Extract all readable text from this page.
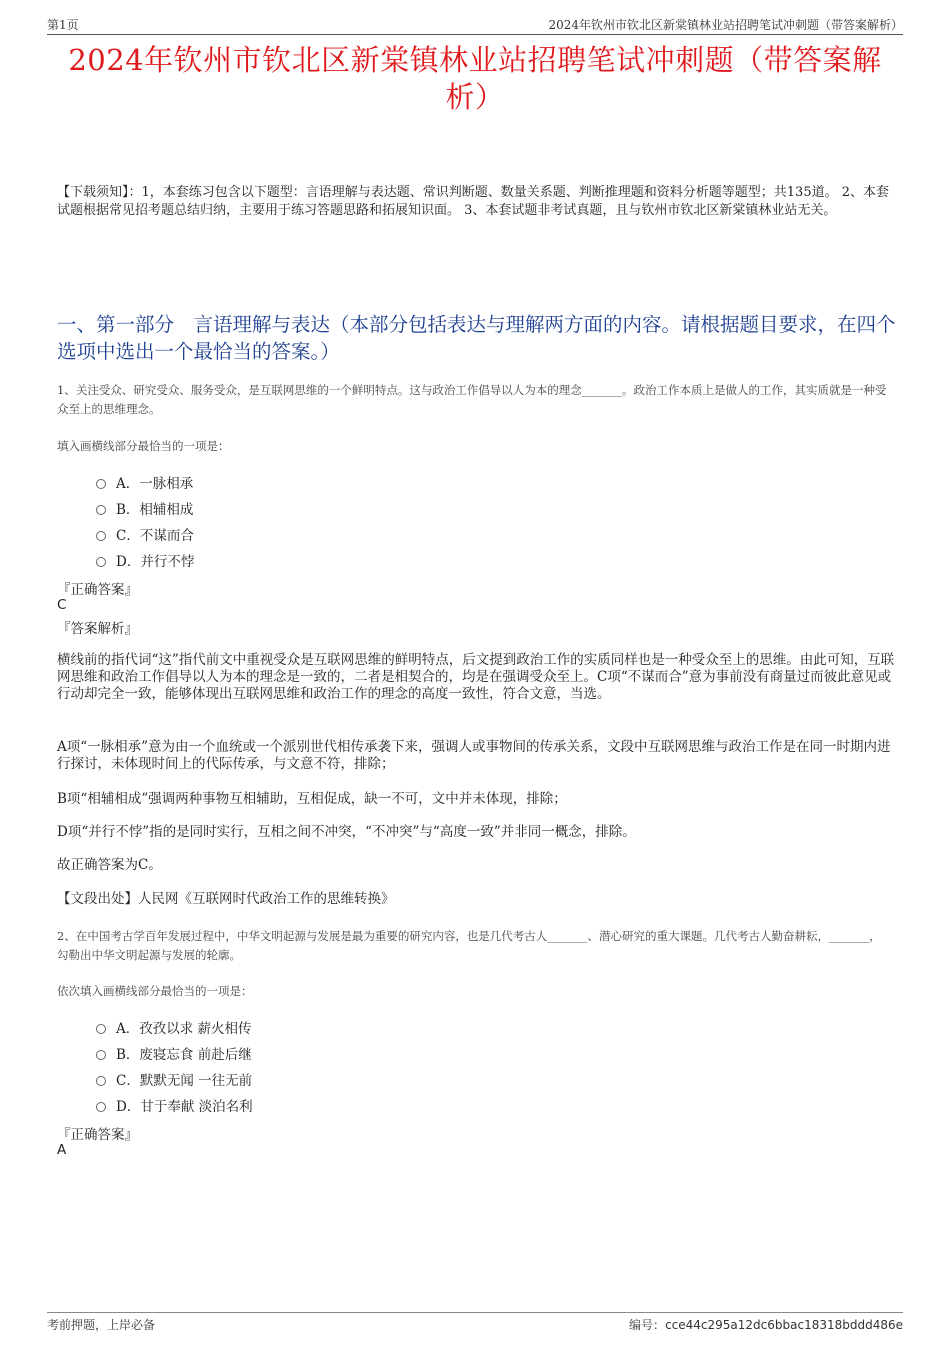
第1页	2024年钦州市钦北区新棠镇林业站招聘笔试冲刺题（带答案解析）
2024年钦州市钦北区新棠镇林业站招聘笔试冲刺题（带答案解析）
【下载须知】：1，本套练习包含以下题型：言语理解与表达题、常识判断题、数量关系题、判断推理题和资料分析题等题型；共135道。 2、本套试题根据常见招考题总结归纳，主要用于练习答题思路和拓展知识面。 3、本套试题非考试真题，且与钦州市钦北区新棠镇林业站无关。
一、第一部分　言语理解与表达（本部分包括表达与理解两方面的内容。请根据题目要求，在四个选项中选出一个最恰当的答案。）
1、关注受众、研究受众、服务受众，是互联网思维的一个鲜明特点。这与政治工作倡导以人为本的理念_______。政治工作本质上是做人的工作，其实质就是一种受众至上的思维理念。
填入画横线部分最恰当的一项是：
A．一脉相承
B．相辅相成
C．不谋而合
D．并行不悖
『正确答案』
C
『答案解析』
横线前的指代词“这”指代前文中重视受众是互联网思维的鲜明特点，后文提到政治工作的实质同样也是一种受众至上的思维。由此可知，互联网思维和政治工作倡导以人为本的理念是一致的，二者是相契合的，均是在强调受众至上。C项“不谋而合”意为事前没有商量过而彼此意见或行动却完全一致，能够体现出互联网思维和政治工作的理念的高度一致性，符合文意，当选。
A项“一脉相承”意为由一个血统或一个派别世代相传承袭下来，强调人或事物间的传承关系，文段中互联网思维与政治工作是在同一时期内进行探讨，未体现时间上的代际传承，与文意不符，排除；
B项“相辅相成”强调两种事物互相辅助，互相促成，缺一不可，文中并未体现，排除；
D项“并行不悖”指的是同时实行，互相之间不冲突，“不冲突”与“高度一致”并非同一概念，排除。
故正确答案为C。
【文段出处】人民网《互联网时代政治工作的思维转换》
2、在中国考古学百年发展过程中，中华文明起源与发展是最为重要的研究内容，也是几代考古人_______、潜心研究的重大课题。几代考古人勤奋耕耘，_______，勾勒出中华文明起源与发展的轮廓。
依次填入画横线部分最恰当的一项是：
A．孜孜以求 薪火相传
B．废寝忘食 前赴后继
C．默默无闻 一往无前
D．甘于奉献 淡泊名利
『正确答案』
A
考前押题，上岸必备	编号：cce44c295a12dc6bbac18318bddd486e
